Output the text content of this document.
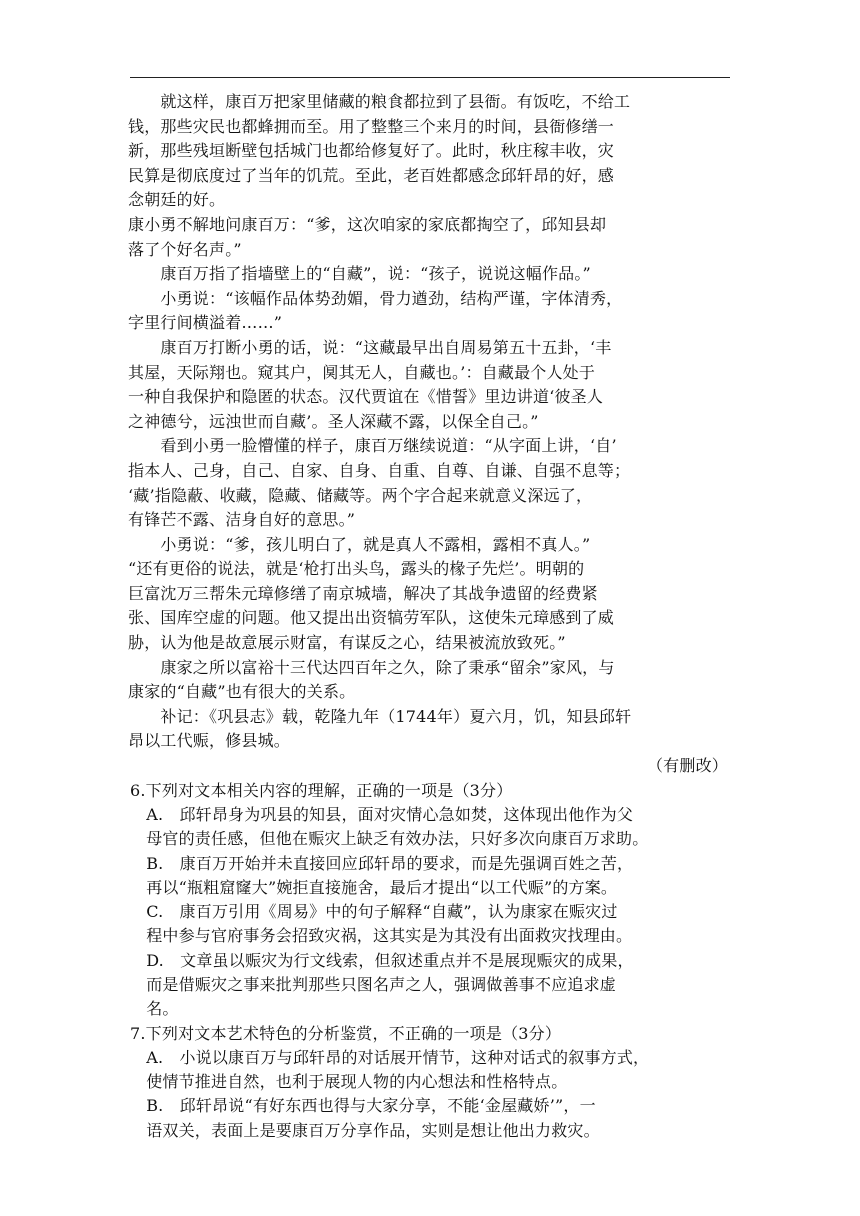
　　就这样，康百万把家里储藏的粮食都拉到了县衙。有饭吃，不给工
钱，那些灾民也都蜂拥而至。用了整整三个来月的时间，县衙修缮一
新，那些残垣断壁包括城门也都给修复好了。此时，秋庄稼丰收，灾
民算是彻底度过了当年的饥荒。至此，老百姓都感念邱轩昂的好，感
念朝廷的好。
康小勇不解地问康百万：“爹，这次咱家的家底都掏空了，邱知县却
落了个好名声。”
　　康百万指了指墙壁上的“自藏”，说：“孩子，说说这幅作品。”
　　小勇说：“该幅作品体势劲媚，骨力遒劲，结构严谨，字体清秀，
字里行间横溢着……”
　　康百万打断小勇的话，说：“这藏最早出自周易第五十五卦，‘丰
其屋，天际翔也。窥其户，阒其无人，自藏也。’：自藏最个人处于
一种自我保护和隐匿的状态。汉代贾谊在《惜誓》里边讲道‘彼圣人
之神德兮，远浊世而自藏’。圣人深藏不露，以保全自己。”
　　看到小勇一脸懵懂的样子，康百万继续说道：“从字面上讲，‘自’
指本人、己身，自己、自家、自身、自重、自尊、自谦、自强不息等；
‘藏’指隐蔽、收藏，隐藏、储藏等。两个字合起来就意义深远了，
有锋芒不露、洁身自好的意思。”
　　小勇说：“爹，孩儿明白了，就是真人不露相，露相不真人。”
“还有更俗的说法，就是‘枪打出头鸟，露头的椽子先烂’。明朝的
巨富沈万三帮朱元璋修缮了南京城墙，解决了其战争遗留的经费紧
张、国库空虚的问题。他又提出出资犒劳军队，这使朱元璋感到了威
胁，认为他是故意展示财富，有谋反之心，结果被流放致死。”
　　康家之所以富裕十三代达四百年之久，除了秉承“留余”家风，与
康家的“自藏”也有很大的关系。
　　补记：《巩县志》载，乾隆九年（1744年）夏六月，饥，知县邱轩
昂以工代赈，修县城。
（有删改）
6.下列对文本相关内容的理解，正确的一项是（3分）
　A.　邱轩昂身为巩县的知县，面对灾情心急如焚，这体现出他作为父
　母官的责任感，但他在赈灾上缺乏有效办法，只好多次向康百万求助。
　B.　康百万开始并未直接回应邱轩昂的要求，而是先强调百姓之苦，
　再以“瓶粗窟窿大”婉拒直接施舍，最后才提出“以工代赈”的方案。
　C.　康百万引用《周易》中的句子解释“自藏”，认为康家在赈灾过
　程中参与官府事务会招致灾祸，这其实是为其没有出面救灾找理由。
　D.　文章虽以赈灾为行文线索，但叙述重点并不是展现赈灾的成果，
　而是借赈灾之事来批判那些只图名声之人，强调做善事不应追求虚
　名。
7.下列对文本艺术特色的分析鉴赏，不正确的一项是（3分）
　A.　小说以康百万与邱轩昂的对话展开情节，这种对话式的叙事方式，
　使情节推进自然，也利于展现人物的内心想法和性格特点。
　B.　邱轩昂说“有好东西也得与大家分享，不能‘金屋藏娇’”，一
　语双关，表面上是要康百万分享作品，实则是想让他出力救灾。
